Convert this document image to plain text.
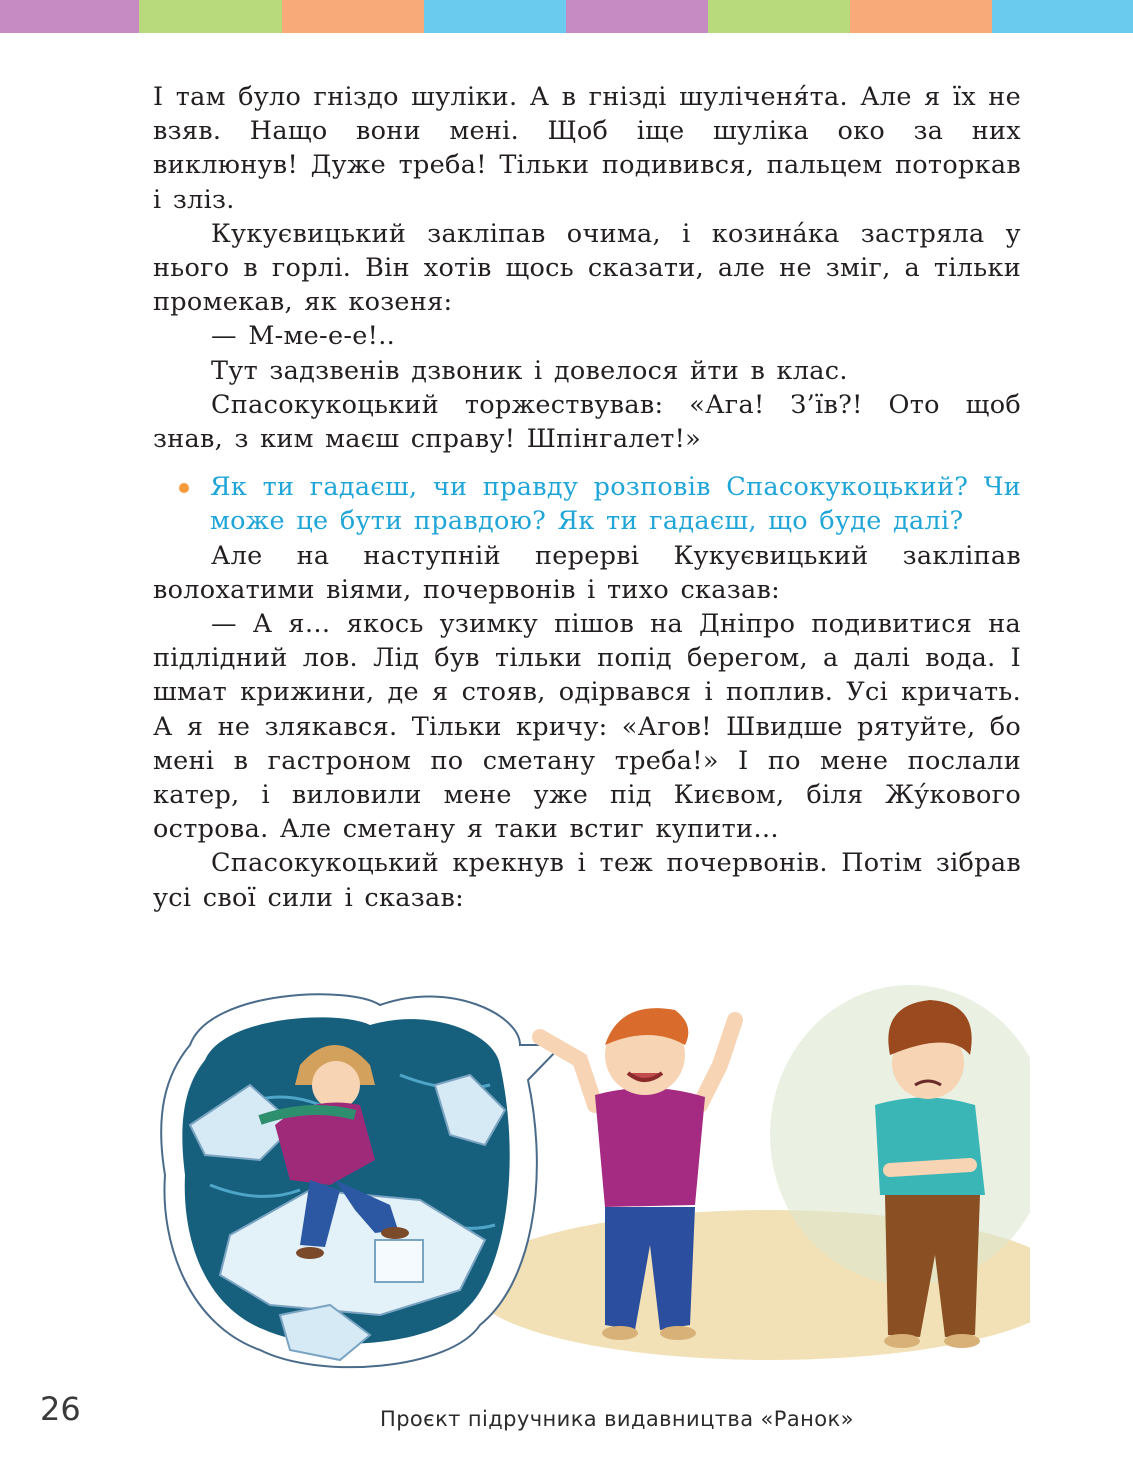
І там було гніздо шуліки. А в гнізді шуліченя́та. Але я їх не взяв. Нащо вони мені. Щоб іще шуліка око за них виклюнув! Дуже треба! Тільки подивився, пальцем поторкав і зліз.

Кукуєвицький закліпав очима, і козина́ка застряла у нього в горлі. Він хотів щось сказати, але не зміг, а тільки промекав, як козеня:

— М-ме-е-е!..

Тут задзвенів дзвоник і довелося йти в клас.

Спасокукоцький торжествував: «Ага! З’їв?! Ото щоб знав, з ким маєш справу! Шпінгалет!»

Як ти гадаєш, чи правду розповів Спасокукоцький? Чи може це бути правдою? Як ти гадаєш, що буде далі?

Але на наступній перерві Кукуєвицький закліпав волохатими віями, почервонів і тихо сказав:

— А я… якось узимку пішов на Дніпро подивитися на підлідний лов. Лід був тільки попід берегом, а далі вода. І шмат крижини, де я стояв, одірвався і поплив. Усі кричать. А я не злякався. Тільки кричу: «Агов! Швидше рятуйте, бо мені в гастроном по сметану треба!» І по мене послали катер, і виловили мене уже під Києвом, біля Жу́кового острова. Але сметану я таки встиг купити…

Спасокукоцький крекнув і теж почервонів. Потім зібрав усі свої сили і сказав:

26	Проєкт підручника видавництва «Ранок»
